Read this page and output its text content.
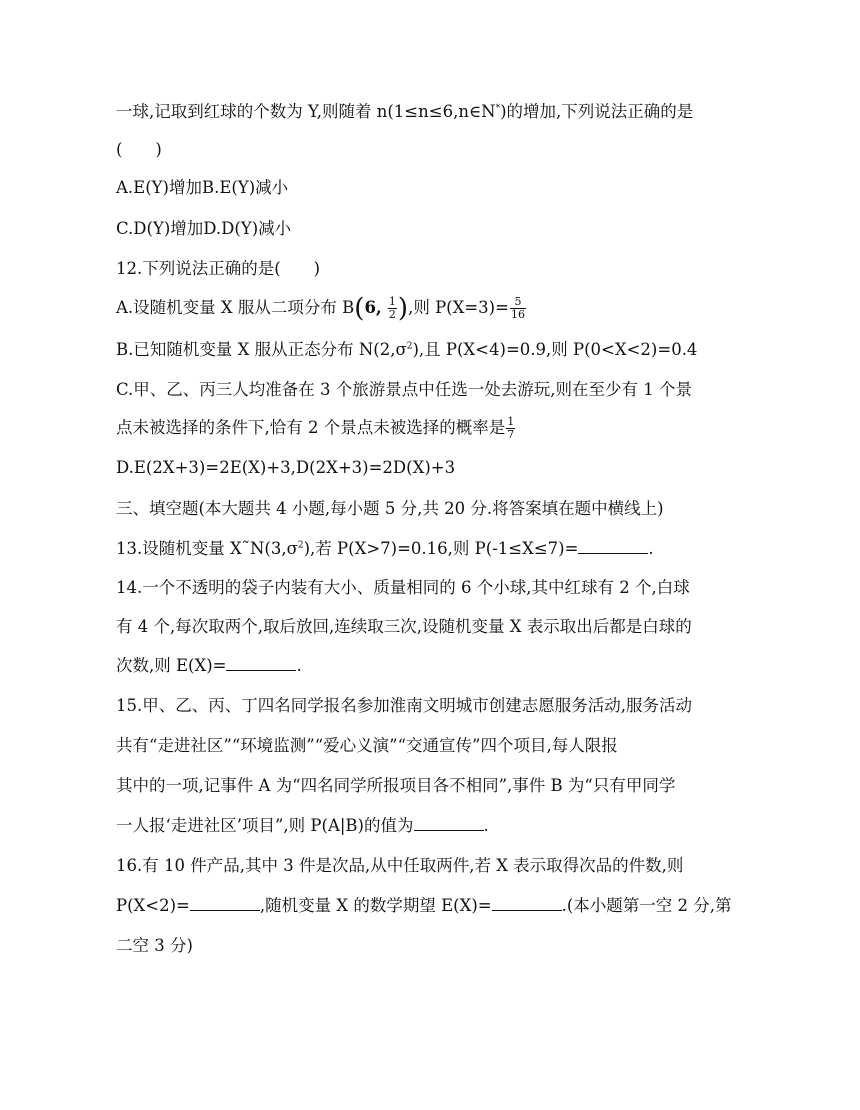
一球,记取到红球的个数为 Y,则随着 n(1≤n≤6,n∈N*)的增加,下列说法正确的是
(　　)
A.E(Y)增加B.E(Y)减小
C.D(Y)增加D.D(Y)减小
12.下列说法正确的是(　　)
A.设随机变量 X 服从二项分布 B(6, $\frac{1}{2}$ ),则 $P(X=3)= \frac{5}{16}$
B.已知随机变量 X 服从正态分布 $N(2,\sigma^2)$,且 P(X<4)=0.9,则 P(0<X<2)=0.4
C.甲、乙、丙三人均准备在 3 个旅游景点中任选一处去游玩,则在至少有 1 个景
点未被选择的条件下,恰有 2 个景点未被选择的概率是 $\frac{1}{7}$
D.E(2X+3)=2E(X)+3,D(2X+3)=2D(X)+3
三、填空题(本大题共 4 小题,每小题 5 分,共 20 分.将答案填在题中横线上)
13.设随机变量 $X˜N(3,\sigma^2)$,若 P(X>7)=0.16,则 P(-1≤X≤7)=	.
14.一个不透明的袋子内装有大小、质量相同的 6 个小球,其中红球有 2 个,白球
有 4 个,每次取两个,取后放回,连续取三次,设随机变量 X 表示取出后都是白球的
次数,则 E(X)=	.
15.甲、乙、丙、丁四名同学报名参加淮南文明城市创建志愿服务活动,服务活动
共有“走进社区”“环境监测”“爱心义演”“交通宣传”四个项目,每人限报
其中的一项,记事件 A 为“四名同学所报项目各不相同”,事件 B 为“只有甲同学
一人报‘走进社区’项目”,则 P(A|B)的值为	.
16.有 10 件产品,其中 3 件是次品,从中任取两件,若 X 表示取得次品的件数,则
P(X<2)=	,随机变量 X 的数学期望 E(X)=	.(本小题第一空 2 分,第
二空 3 分)
